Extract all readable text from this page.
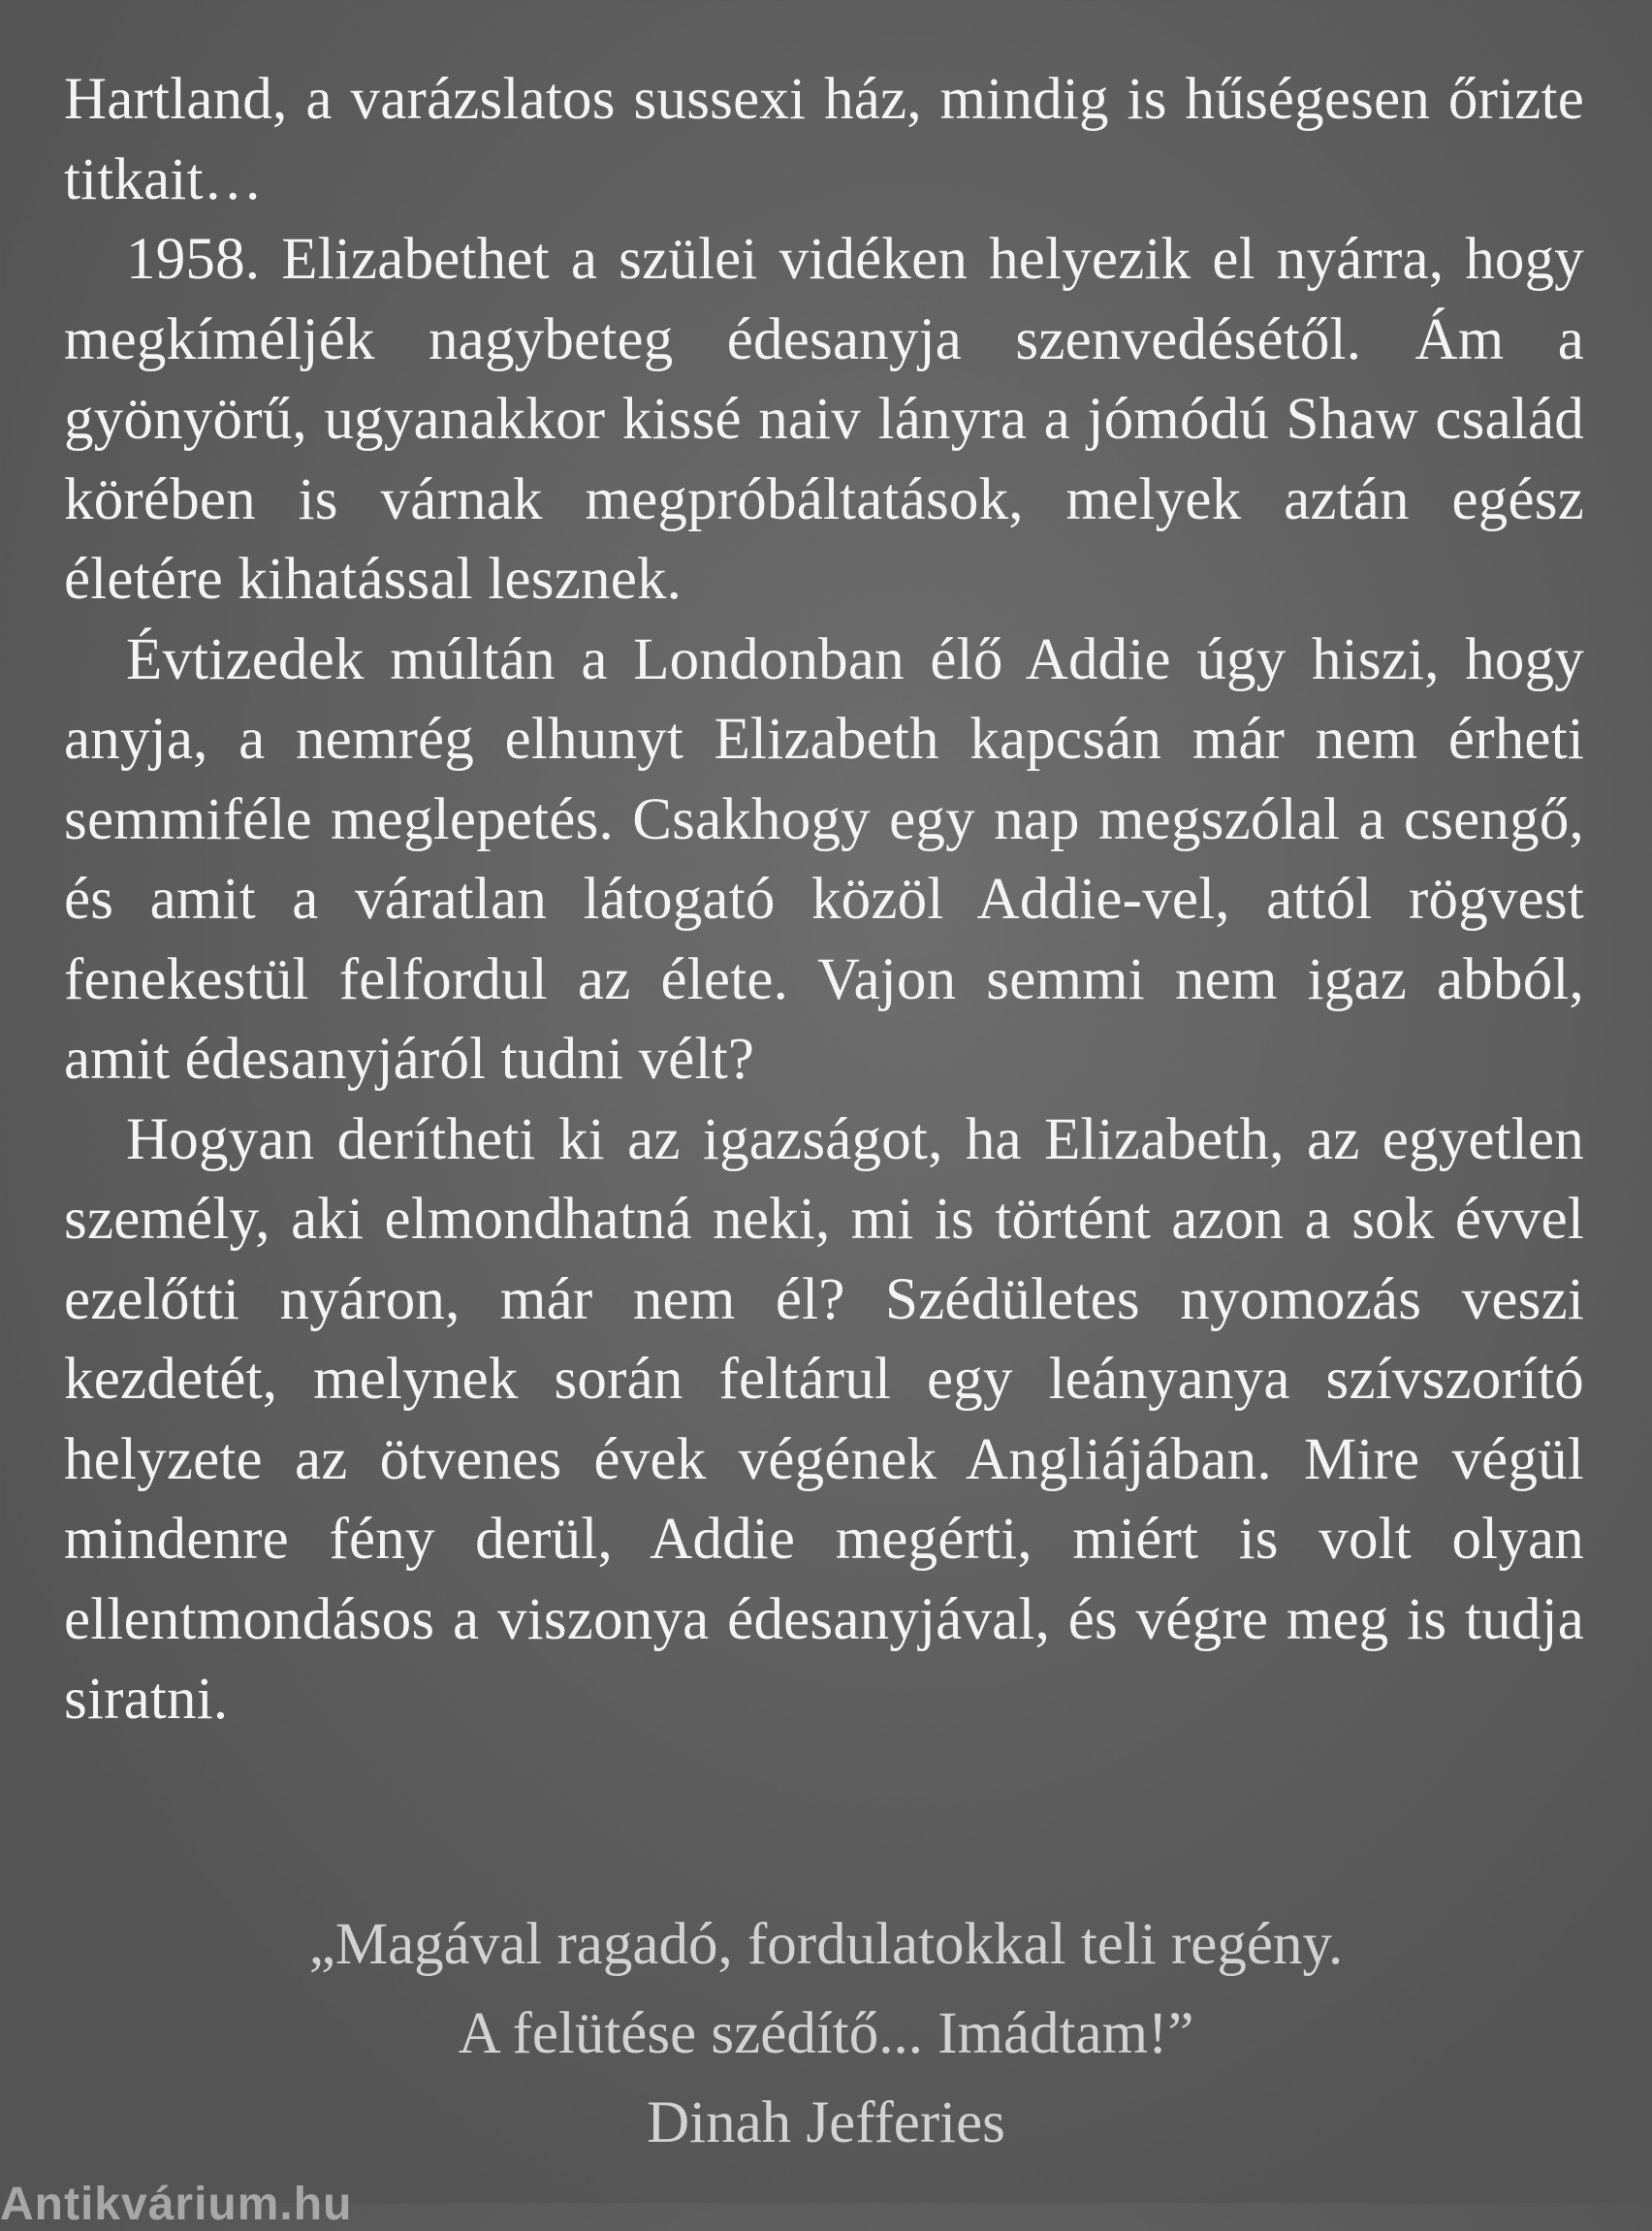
Hartland, a varázslatos sussexi ház, mindig is hűségesen őrizte titkait…

1958. Elizabethet a szülei vidéken helyezik el nyárra, hogy megkíméljék nagybeteg édesanyja szenvedésétől. Ám a gyönyörű, ugyanakkor kissé naiv lányra a jómódú Shaw család körében is várnak megpróbáltatások, melyek aztán egész életére kihatással lesznek.

Évtizedek múltán a Londonban élő Addie úgy hiszi, hogy anyja, a nemrég elhunyt Elizabeth kapcsán már nem érheti semmiféle meglepetés. Csakhogy egy nap megszólal a csengő, és amit a váratlan látogató közöl Addie-vel, attól rögvest fenekestül felfordul az élete. Vajon semmi nem igaz abból, amit édesanyjáról tudni vélt?

Hogyan derítheti ki az igazságot, ha Elizabeth, az egyetlen személy, aki elmondhatná neki, mi is történt azon a sok évvel ezelőtti nyáron, már nem él? Szédületes nyomozás veszi kezdetét, melynek során feltárul egy leányanya szívszorító helyzete az ötvenes évek végének Angliájában. Mire végül mindenre fény derül, Addie megérti, miért is volt olyan ellentmondásos a viszonya édesanyjával, és végre meg is tudja siratni.

„Magával ragadó, fordulatokkal teli regény.
A felütése szédítő... Imádtam!”
Dinah Jefferies
Antikvárium.hu
